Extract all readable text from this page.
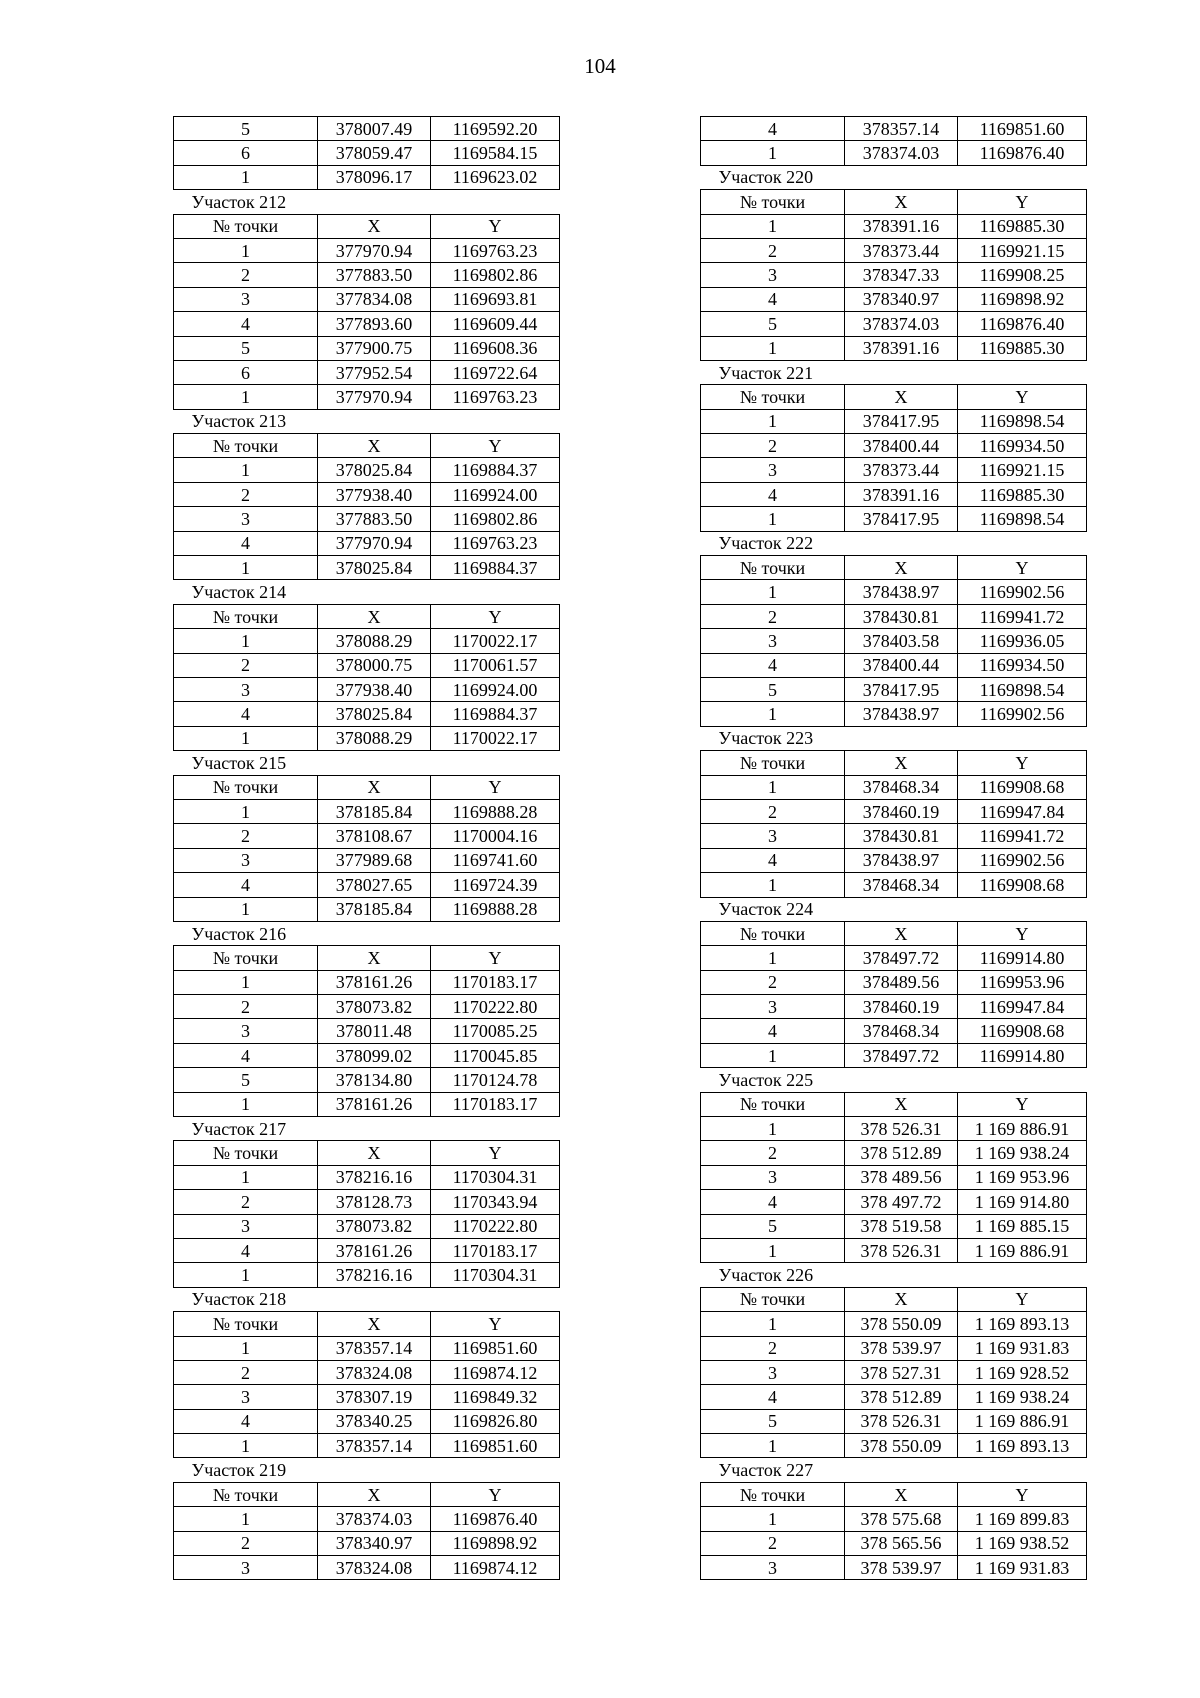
104
5	378007.49	1169592.20
6	378059.47	1169584.15
1	378096.17	1169623.02
Участок 212		
№ точки	X	Y
1	377970.94	1169763.23
2	377883.50	1169802.86
3	377834.08	1169693.81
4	377893.60	1169609.44
5	377900.75	1169608.36
6	377952.54	1169722.64
1	377970.94	1169763.23
Участок 213		
№ точки	X	Y
1	378025.84	1169884.37
2	377938.40	1169924.00
3	377883.50	1169802.86
4	377970.94	1169763.23
1	378025.84	1169884.37
Участок 214		
№ точки	X	Y
1	378088.29	1170022.17
2	378000.75	1170061.57
3	377938.40	1169924.00
4	378025.84	1169884.37
1	378088.29	1170022.17
Участок 215		
№ точки	X	Y
1	378185.84	1169888.28
2	378108.67	1170004.16
3	377989.68	1169741.60
4	378027.65	1169724.39
1	378185.84	1169888.28
Участок 216		
№ точки	X	Y
1	378161.26	1170183.17
2	378073.82	1170222.80
3	378011.48	1170085.25
4	378099.02	1170045.85
5	378134.80	1170124.78
1	378161.26	1170183.17
Участок 217		
№ точки	X	Y
1	378216.16	1170304.31
2	378128.73	1170343.94
3	378073.82	1170222.80
4	378161.26	1170183.17
1	378216.16	1170304.31
Участок 218		
№ точки	X	Y
1	378357.14	1169851.60
2	378324.08	1169874.12
3	378307.19	1169849.32
4	378340.25	1169826.80
1	378357.14	1169851.60
Участок 219		
№ точки	X	Y
1	378374.03	1169876.40
2	378340.97	1169898.92
3	378324.08	1169874.12
4	378357.14	1169851.60
1	378374.03	1169876.40
Участок 220		
№ точки	X	Y
1	378391.16	1169885.30
2	378373.44	1169921.15
3	378347.33	1169908.25
4	378340.97	1169898.92
5	378374.03	1169876.40
1	378391.16	1169885.30
Участок 221		
№ точки	X	Y
1	378417.95	1169898.54
2	378400.44	1169934.50
3	378373.44	1169921.15
4	378391.16	1169885.30
1	378417.95	1169898.54
Участок 222		
№ точки	X	Y
1	378438.97	1169902.56
2	378430.81	1169941.72
3	378403.58	1169936.05
4	378400.44	1169934.50
5	378417.95	1169898.54
1	378438.97	1169902.56
Участок 223		
№ точки	X	Y
1	378468.34	1169908.68
2	378460.19	1169947.84
3	378430.81	1169941.72
4	378438.97	1169902.56
1	378468.34	1169908.68
Участок 224		
№ точки	X	Y
1	378497.72	1169914.80
2	378489.56	1169953.96
3	378460.19	1169947.84
4	378468.34	1169908.68
1	378497.72	1169914.80
Участок 225		
№ точки	X	Y
1	378 526.31	1 169 886.91
2	378 512.89	1 169 938.24
3	378 489.56	1 169 953.96
4	378 497.72	1 169 914.80
5	378 519.58	1 169 885.15
1	378 526.31	1 169 886.91
Участок 226		
№ точки	X	Y
1	378 550.09	1 169 893.13
2	378 539.97	1 169 931.83
3	378 527.31	1 169 928.52
4	378 512.89	1 169 938.24
5	378 526.31	1 169 886.91
1	378 550.09	1 169 893.13
Участок 227		
№ точки	X	Y
1	378 575.68	1 169 899.83
2	378 565.56	1 169 938.52
3	378 539.97	1 169 931.83
